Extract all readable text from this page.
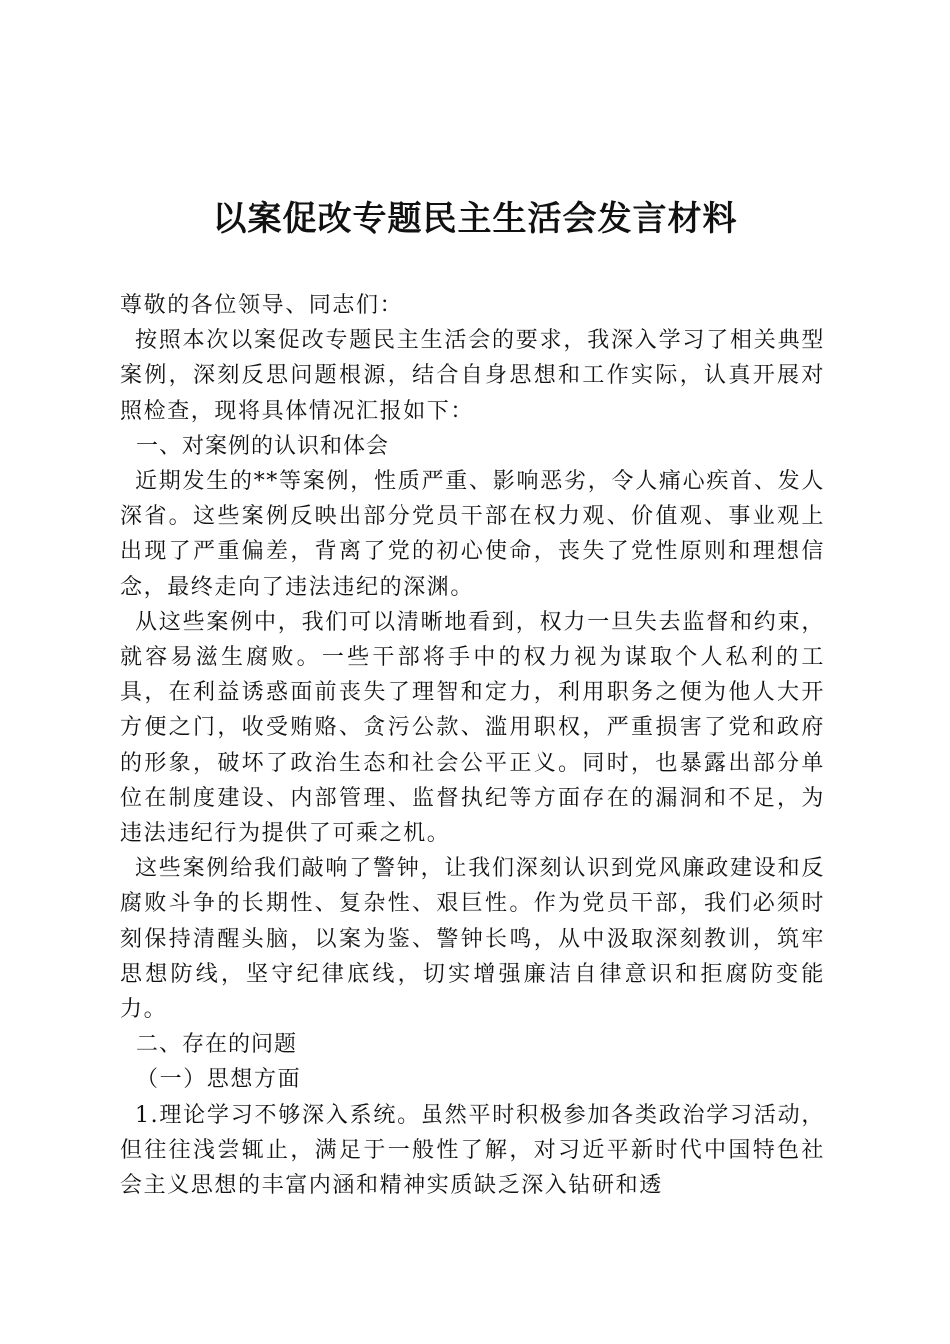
以案促改专题民主生活会发言材料

尊敬的各位领导、同志们：

按照本次以案促改专题民主生活会的要求，我深入学习了相关典型案例，深刻反思问题根源，结合自身思想和工作实际，认真开展对照检查，现将具体情况汇报如下：

一、对案例的认识和体会

近期发生的**等案例，性质严重、影响恶劣，令人痛心疾首、发人深省。这些案例反映出部分党员干部在权力观、价值观、事业观上出现了严重偏差，背离了党的初心使命，丧失了党性原则和理想信念，最终走向了违法违纪的深渊。

从这些案例中，我们可以清晰地看到，权力一旦失去监督和约束，就容易滋生腐败。一些干部将手中的权力视为谋取个人私利的工具，在利益诱惑面前丧失了理智和定力，利用职务之便为他人大开方便之门，收受贿赂、贪污公款、滥用职权，严重损害了党和政府的形象，破坏了政治生态和社会公平正义。同时，也暴露出部分单位在制度建设、内部管理、监督执纪等方面存在的漏洞和不足，为违法违纪行为提供了可乘之机。

这些案例给我们敲响了警钟，让我们深刻认识到党风廉政建设和反腐败斗争的长期性、复杂性、艰巨性。作为党员干部，我们必须时刻保持清醒头脑，以案为鉴、警钟长鸣，从中汲取深刻教训，筑牢思想防线，坚守纪律底线，切实增强廉洁自律意识和拒腐防变能力。

二、存在的问题

（一）思想方面

1.理论学习不够深入系统。虽然平时积极参加各类政治学习活动，但往往浅尝辄止，满足于一般性了解，对习近平新时代中国特色社会主义思想的丰富内涵和精神实质缺乏深入钻研和透
